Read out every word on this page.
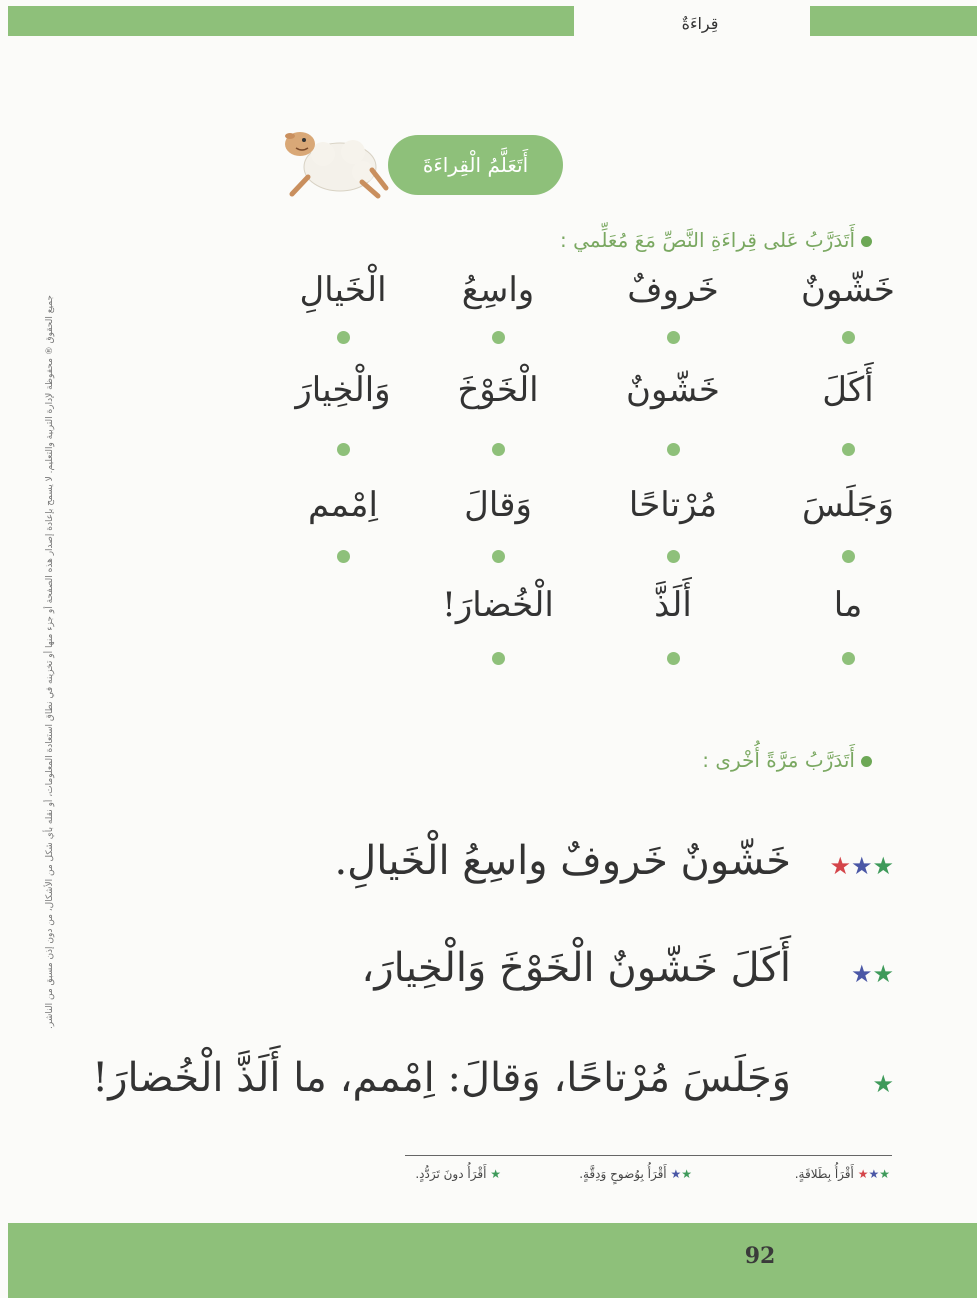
قِراءَةٌ
جميع الحقوق ® محفوظة لإدارة التربية والتعليم. لا يسمح بإعادة إصدار هذه الصفحة أو جزء منها أو تخزينه في نطاق استعادة المعلومات، أو نقله بأي شكل من الأشكال، من دون إذن مسبق من الناشر.
أَتَعَلَّمُ الْقِراءَةَ
أَتَدَرَّبُ عَلى قِراءَةِ النَّصِّ مَعَ مُعَلِّمي :
خَشّونٌ
خَروفٌ
واسِعُ
الْخَيالِ
أَكَلَ
خَشّونٌ
الْخَوْخَ
وَالْخِيارَ
وَجَلَسَ
مُرْتاحًا
وَقالَ
اِمْمم
ما
أَلَذَّ
الْخُضارَ!
أَتَدَرَّبُ مَرَّةً أُخْرى :
★★★
خَشّونٌ خَروفٌ واسِعُ الْخَيالِ.
★★
أَكَلَ خَشّونٌ الْخَوْخَ وَالْخِيارَ،
★
وَجَلَسَ مُرْتاحًا، وَقالَ: اِمْمم، ما أَلَذَّ الْخُضارَ!
★★★ أَقْرَأُ بِطَلاقَةٍ.
★★ أَقْرَأُ بِوُضوحٍ وَدِقَّةٍ.
★ أَقْرَأُ دونَ تَرَدُّدٍ.
92
